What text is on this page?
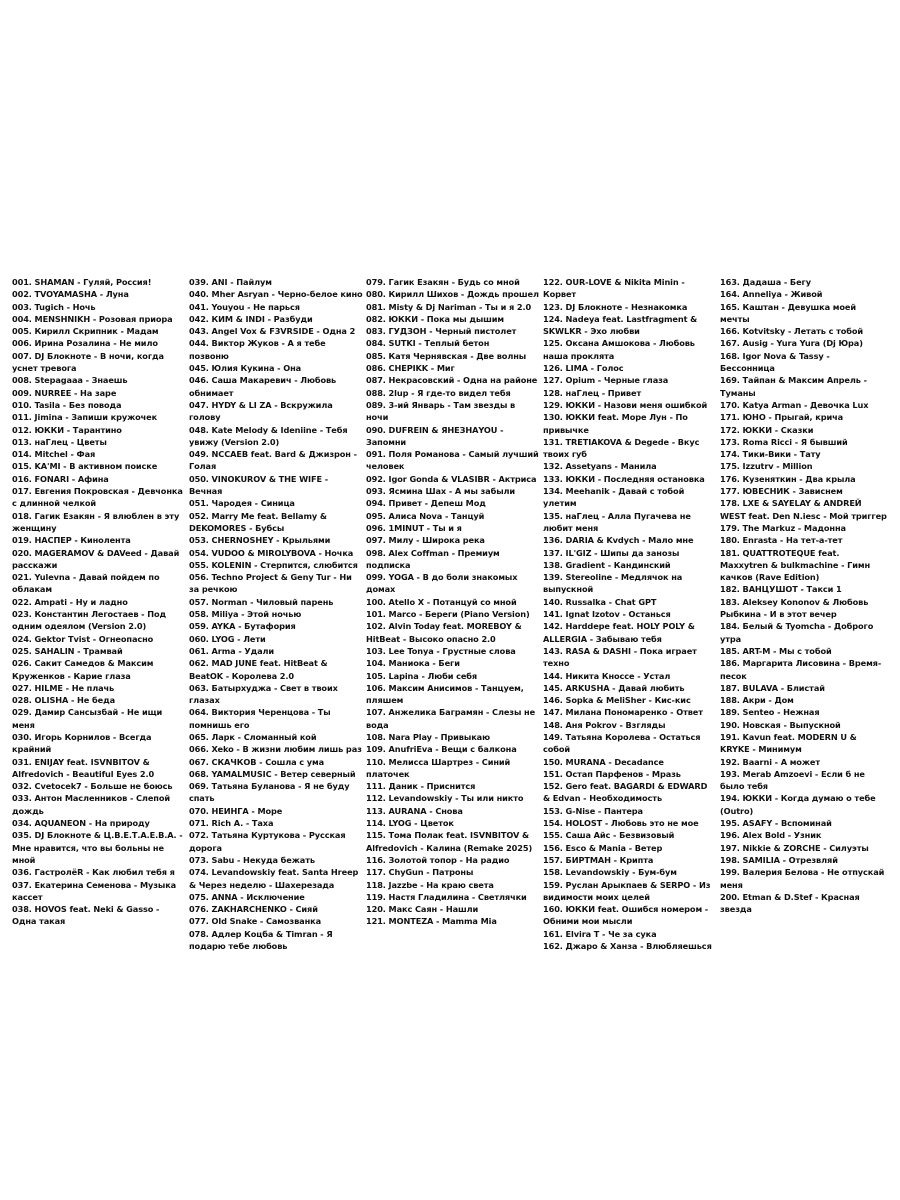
001. SHAMAN - Гуляй, Россия!
002. TVOYAMASHA - Луна
003. Tugich - Ночь
004. MENSHNIKH - Розовая приора
005. Кирилл Скрипник - Мадам
006. Ирина Розалина - Не мило
007. DJ Блокнотe - В ночи, когда уснет тревога
008. Stepagaaa - Знаешь
009. NURREE - На заре
010. Tasila - Без повода
011. Jimina - Запиши кружочек
012. ЮККИ - Тарантино
013. наГлец - Цветы
014. Mitchel - Фая
015. KA'MI - В активном поиске
016. FONARI - Афина
017. Евгения Покровская - Девчонка с длинной челкой
018. Гагик Езакян - Я влюблен в эту женщину
019. НАСПЕР - Кинолента
020. MAGERAMOV & DAVeed - Давай расскажи
021. Yulevna - Давай пойдем по облакам
022. Ampati - Ну и ладно
023. Константин Легостаев - Под одним одеялом (Version 2.0)
024. Gektor Tvist - Огнеопасно
025. SAHALIN - Трамвай
026. Сакит Самедов & Максим Круженков - Карие глаза
027. HILME - Не плачь
028. OLISHA - Не беда
029. Дамир Сансызбай - Не ищи меня
030. Игорь Корнилов - Всегда крайний
031. ENIJAY feat. ISVNBITOV & Alfredovich - Beautiful Eyes 2.0
032. Cvetocek7 - Больше не боюсь
033. Антон Масленников - Слепой дождь
034. AQUANEON - На природу
035. DJ Блокнотe & Ц.В.Е.Т.А.Е.В.А. - Мне нравится, что вы больны не мной
036. ГастролёR - Как любил тебя я
037. Екатерина Семенова - Музыка кассет
038. HOVOS feat. Neki & Gasso - Одна такая
039. ANI - Пайлум
040. Mher Asryan - Черно-белое кино
041. Youyou - Не парься
042. КИМ & INDI - Разбуди
043. Angel Vox & F3VRSIDE - Одна 2
044. Виктор Жуков - А я тебе позвоню
045. Юлия Кукина - Она
046. Саша Макаревич - Любовь обнимает
047. HYDY & LI ZA - Вскружила голову
048. Kate Melody & Ideniine - Тебя увижу (Version 2.0)
049. NCCAEB feat. Bard & Джизрон - Голая
050. VINOKUROV & THE WIFE - Вечная
051. Чародея - Синица
052. Marry Me feat. Bellamy & DEKOMORES - Бубсы
053. CHERNOSHEY - Крыльями
054. VUDOO & MIROLYBOVA - Ночка
055. KOLENIN - Стерпится, слюбится
056. Techno Project & Geny Tur - Ни за речкою
057. Norman - Чиловый парень
058. Miliya - Этой ночью
059. AYKA - Бутафория
060. LYOG - Лети
061. Arma - Удали
062. MAD JUNE feat. HitBeat & BeatOK - Королева 2.0
063. Батырхуджа - Свет в твоих глазах
064. Виктория Черенцова - Ты помнишь его
065. Ларк - Сломанный кой
066. Xeko - В жизни любим лишь раз
067. СКАЧКОВ - Сошла с ума
068. YAMALMUSIC - Ветер северный
069. Татьяна Буланова - Я не буду спать
070. НЕИНГА - Море
071. Rich A. - Таха
072. Татьяна Куртукова - Русская дорога
073. Sabu - Некуда бежать
074. Levandowskiy feat. Santa Hreep & Через неделю - Шахерезада
075. ANNA - Исключение
076. ZAKHARCHENKO - Сияй
077. Old Snake - Самозванка
078. Адлер Коцба & Timran - Я подарю тебе любовь
079. Гагик Езакян - Будь со мной
080. Кирилл Шихов - Дождь прошел
081. Misty & Dj Nariman - Ты и я 2.0
082. ЮККИ - Пока мы дышим
083. ГУДЗОН - Черный пистолет
084. SUTKI - Теплый бетон
085. Катя Чернявская - Две волны
086. CHEPIKK - Миг
087. Некрасовский - Одна на районе
088. 2lup - Я где-то видел тебя
089. 3-ий Январь - Там звезды в ночи
090. DUFREIN & ЯНЕЗНАYOU - Запомни
091. Поля Романова - Самый лучший человек
092. Igor Gonda & VLASIBR - Актриса
093. Ясмина Шах - А мы забыли
094. Привет - Депеш Мод
095. Алиса Nova - Танцуй
096. 1MINUT - Ты и я
097. Милу - Широка река
098. Alex Coffman - Премиум подписка
099. YOGA - В до боли знакомых домах
100. Atello X - Потанцуй со мной
101. Marco - Береги (Piano Version)
102. Alvin Today feat. MOREBOY & HitBeat - Высоко опасно 2.0
103. Lee Tonya - Грустные слова
104. Маниока - Беги
105. Lapina - Люби себя
106. Максим Анисимов - Танцуем, пляшем
107. Анжелика Баграмян - Слезы не вода
108. Nara Play - Привыкаю
109. AnufriEva - Вещи с балкона
110. Мелисса Шартрез - Синий платочек
111. Даник - Приснится
112. Levandowskiy - Ты или никто
113. AURANA - Снова
114. LYOG - Цветок
115. Тома Полак feat. ISVNBITOV & Alfredovich - Калина (Remake 2025)
116. Золотой топор - На радио
117. ChyGun - Патроны
118. Jazzbe - На краю света
119. Настя Гладилина - Светлячки
120. Макс Саян - Нашли
121. MONTEZA - Mamma Mia
122. OUR-LOVE & Nikita Minin - Корвет
123. DJ Блокнотe - Незнакомка
124. Nadeya feat. Lastfragment & SKWLKR - Эхо любви
125. Оксана Амшокова - Любовь наша проклята
126. LIMA - Голос
127. Opium - Черные глаза
128. наГлец - Привет
129. ЮККИ - Назови меня ошибкой
130. ЮККИ feat. Море Лун - По привычке
131. TRETIAKOVA & Degede - Вкус твоих губ
132. Assetyans - Манила
133. ЮККИ - Последняя остановка
134. Meehanik - Давай с тобой улетим
135. наГлец - Алла Пугачева не любит меня
136. DARIA & Kvdych - Мало мне
137. IL'GIZ - Шипы да занозы
138. Gradient - Кандинский
139. Stereoline - Медлячок на выпускной
140. Russalka - Chat GPT
141. Ignat Izotov - Останься
142. Harddepe feat. HOLY POLY & ALLERGIA - Забываю тебя
143. RASA & DASHI - Пока играет техно
144. Никита Кноссе - Устал
145. ARKUSHA - Давай любить
146. Sopka & MeliSher - Кис-кис
147. Милана Пономаренко - Ответ
148. Аня Pokrov - Взгляды
149. Татьяна Королева - Остаться собой
150. MURANA - Decadance
151. Остап Парфенов - Мразь
152. Gero feat. BAGARDI & EDWARD & Edvan - Необходимость
153. G-Nise - Пантера
154. HOLOST - Любовь это не мое
155. Саша Айс - Безвизовый
156. Esco & Mania - Ветер
157. БИРТМАН - Крипта
158. Levandowskiy - Бум-бум
159. Руслан Арыкпаев & SERPO - Из видимости моих целей
160. ЮККИ feat. Ошибся номером - Обними мои мысли
161. Elvira T - Че за сука
162. Джаро & Ханза - Влюбляешься
163. Дадаша - Бегу
164. Anneliya - Живой
165. Каштан - Девушка моей мечты
166. Kotvitsky - Летать с тобой
167. Ausig - Yura Yura (Dj Юра)
168. Igor Nova & Tassy - Бессонница
169. Тайпан & Максим Апрель - Туманы
170. Katya Arman - Девочка Lux
171. ЮНО - Прыгай, крича
172. ЮККИ - Сказки
173. Roma Ricci - Я бывший
174. Тики-Вики - Тату
175. Izzutrv - Million
176. Кузеняткин - Два крыла
177. ЮВЕСНИК - Зависнем
178. LXE & SAYELAY & ANDREЙ WEST feat. Den N.iesc - Мой триггер
179. The Markuz - Мадонна
180. Enrasta - На тет-а-тет
181. QUATTROTEQUE feat. Maxxytren & bulkmachine - Гимн качков (Rave Edition)
182. ВАНЦУШОТ - Такси 1
183. Aleksey Kononov & Любовь Рыбкина - И в этот вечер
184. Белый & Tyomcha - Доброго утра
185. ART-M - Мы с тобой
186. Маргарита Лисовина - Время-песок
187. BULAVA - Блистай
188. Акри - Дом
189. Senteo - Нежная
190. Новская - Выпускной
191. Kavun feat. MODERN U & KRYKE - Минимум
192. Baarni - А может
193. Merab Amzoevi - Если б не было тебя
194. ЮККИ - Когда думаю о тебе (Outro)
195. ASAFY - Вспоминай
196. Alex Bold - Узник
197. Nikkie & ZORCHE - Силуэты
198. SAMILIA - Отрезвляй
199. Валерия Белова - Не отпускай меня
200. Etman & D.Stef - Красная звезда
